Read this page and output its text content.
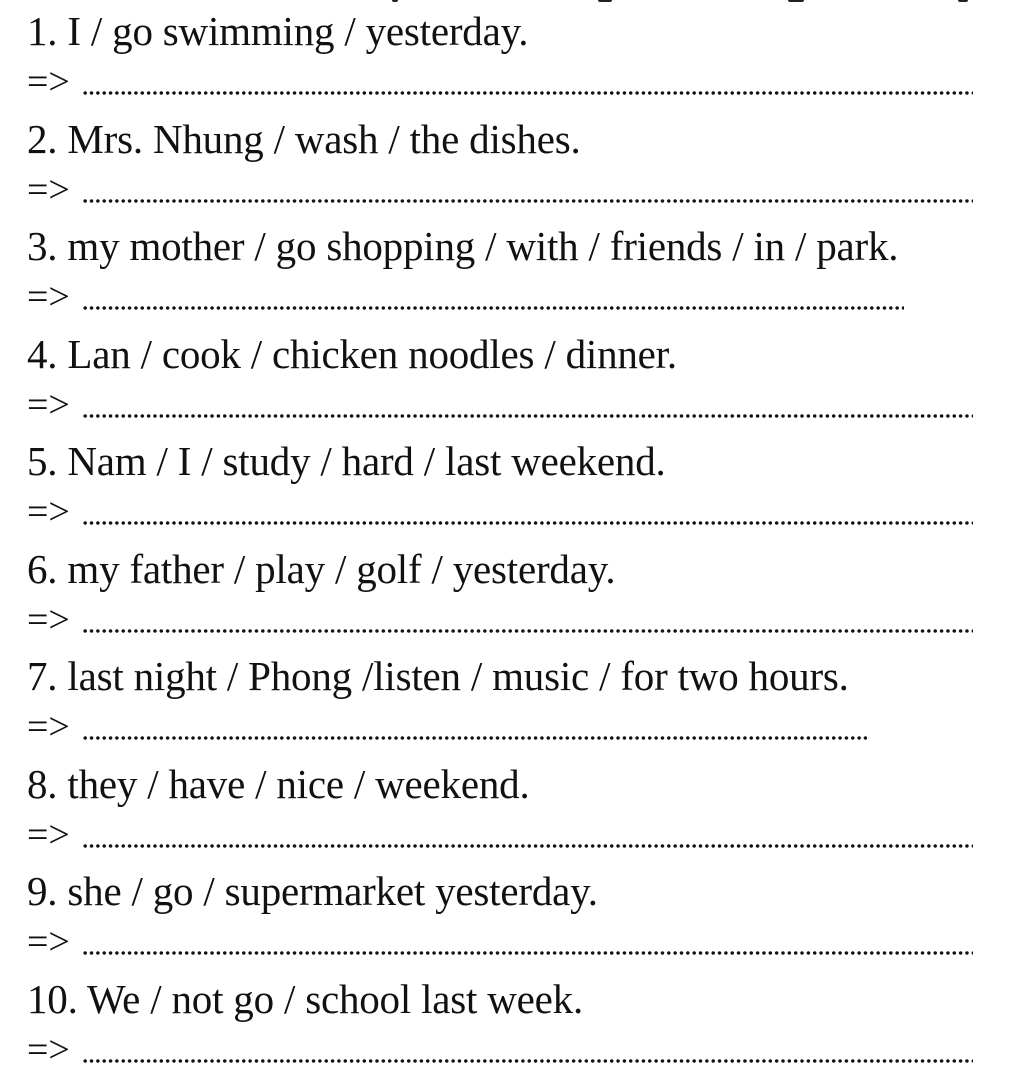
1. I / go swimming / yesterday.
=>
2. Mrs. Nhung / wash / the dishes.
=>
3. my mother / go shopping / with / friends / in / park.
=>
4. Lan / cook / chicken noodles / dinner.
=>
5. Nam / I / study / hard / last weekend.
=>
6. my father / play / golf / yesterday.
=>
7. last night / Phong /listen / music / for two hours.
=>
8. they / have / nice / weekend.
=>
9. she / go / supermarket yesterday.
=>
10. We / not go / school last week.
=>
